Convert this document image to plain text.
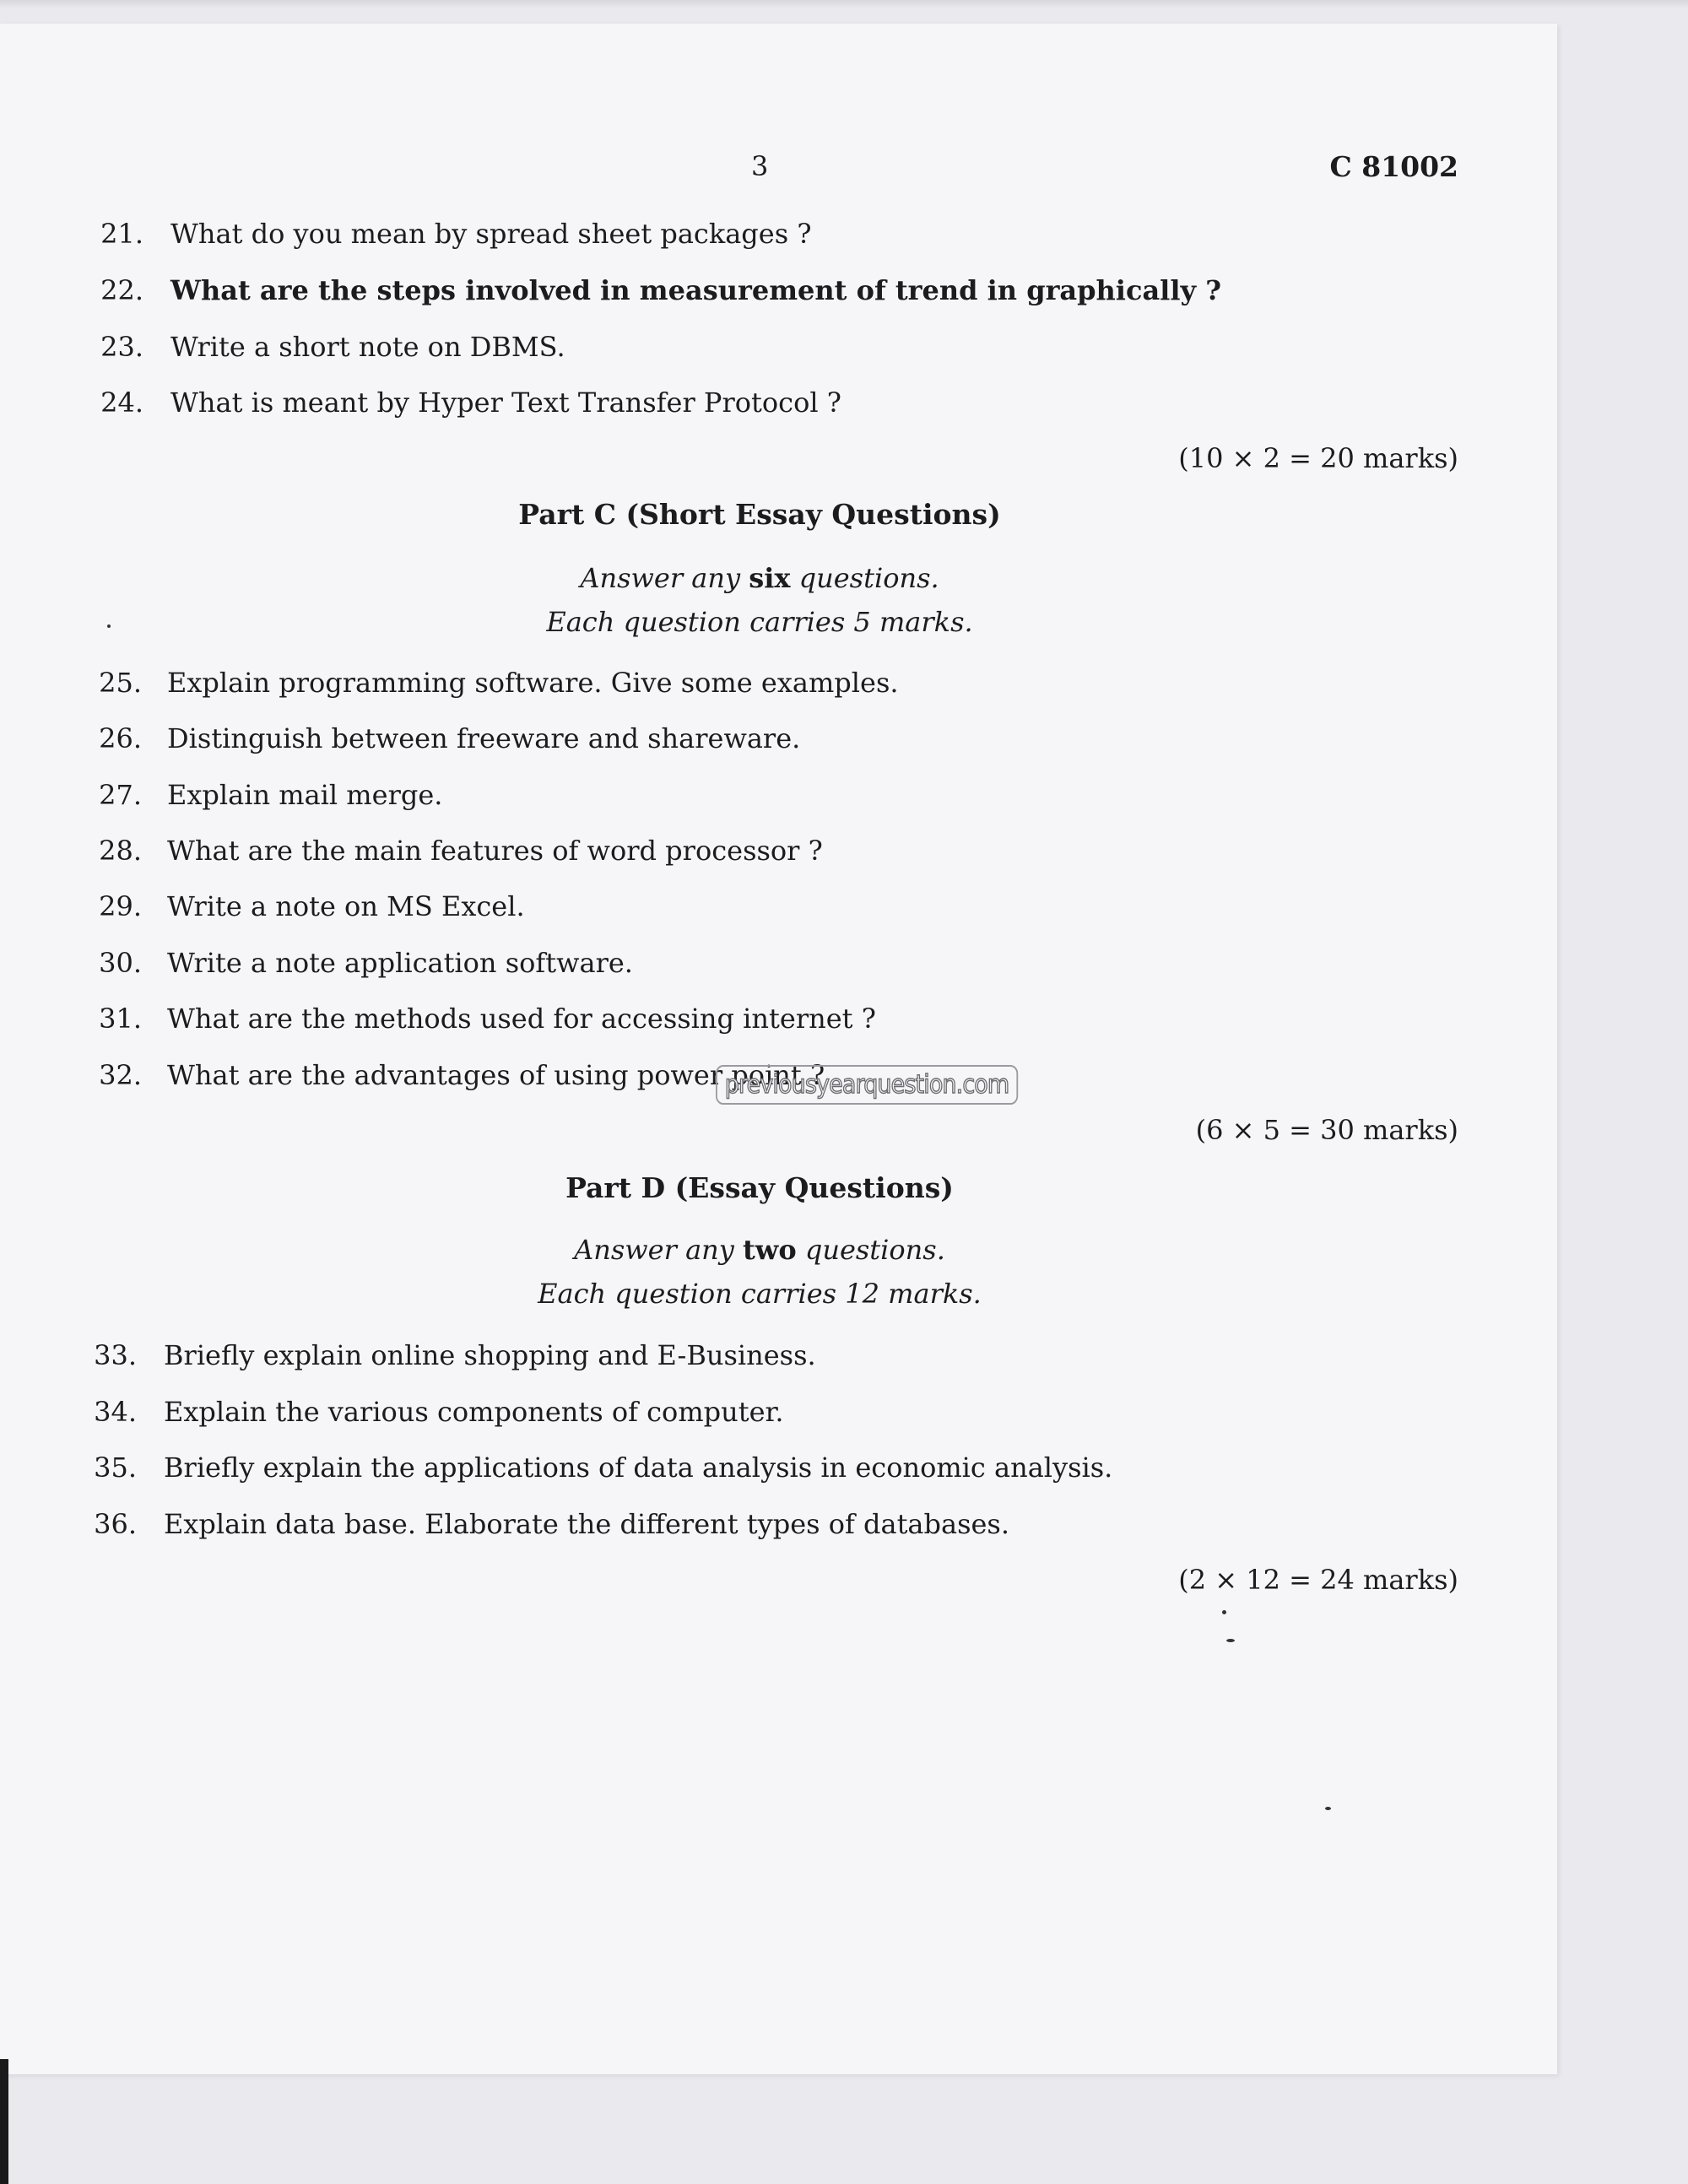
3	C 81002
21. What do you mean by spread sheet packages ?
22. What are the steps involved in measurement of trend in graphically ?
23. Write a short note on DBMS.
24. What is meant by Hyper Text Transfer Protocol ?
(10 × 2 = 20 marks)
Part C (Short Essay Questions)
Answer any six questions.
Each question carries 5 marks.
25. Explain programming software. Give some examples.
26. Distinguish between freeware and shareware.
27. Explain mail merge.
28. What are the main features of word processor ?
29. Write a note on MS Excel.
30. Write a note application software.
31. What are the methods used for accessing internet ?
32. What are the advantages of using power point ?
previousyearquestion.com
(6 × 5 = 30 marks)
Part D (Essay Questions)
Answer any two questions.
Each question carries 12 marks.
33. Briefly explain online shopping and E-Business.
34. Explain the various components of computer.
35. Briefly explain the applications of data analysis in economic analysis.
36. Explain data base. Elaborate the different types of databases.
(2 × 12 = 24 marks)
